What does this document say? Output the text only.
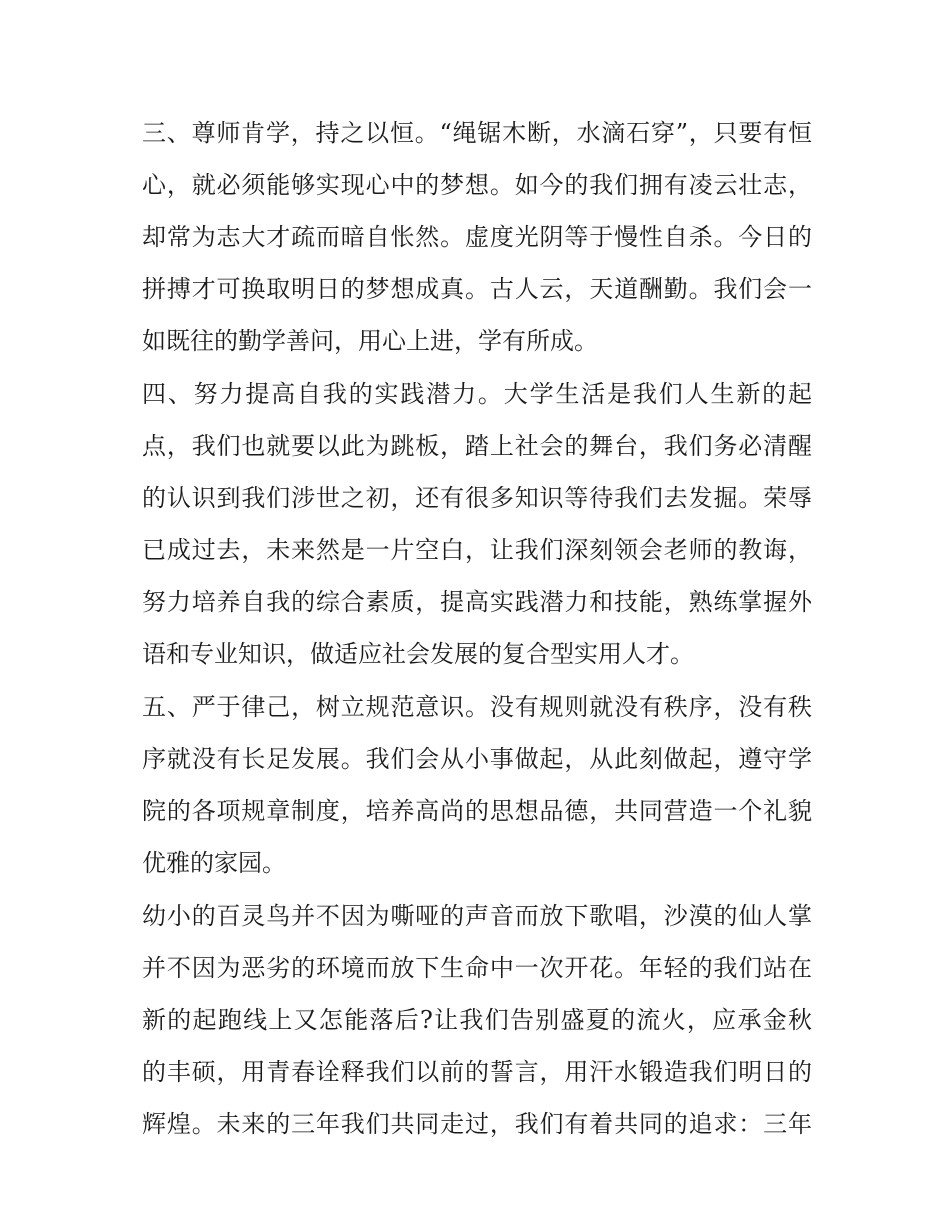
三、尊师肯学，持之以恒。“绳锯木断，水滴石穿”，只要有恒
心，就必须能够实现心中的梦想。如今的我们拥有凌云壮志，
却常为志大才疏而暗自怅然。虚度光阴等于慢性自杀。今日的
拼搏才可换取明日的梦想成真。古人云，天道酬勤。我们会一
如既往的勤学善问，用心上进，学有所成。
四、努力提高自我的实践潜力。大学生活是我们人生新的起
点，我们也就要以此为跳板，踏上社会的舞台，我们务必清醒
的认识到我们涉世之初，还有很多知识等待我们去发掘。荣辱
已成过去，未来然是一片空白，让我们深刻领会老师的教诲，
努力培养自我的综合素质，提高实践潜力和技能，熟练掌握外
语和专业知识，做适应社会发展的复合型实用人才。
五、严于律己，树立规范意识。没有规则就没有秩序，没有秩
序就没有长足发展。我们会从小事做起，从此刻做起，遵守学
院的各项规章制度，培养高尚的思想品德，共同营造一个礼貌
优雅的家园。
幼小的百灵鸟并不因为嘶哑的声音而放下歌唱，沙漠的仙人掌
并不因为恶劣的环境而放下生命中一次开花。年轻的我们站在
新的起跑线上又怎能落后?让我们告别盛夏的流火，应承金秋
的丰硕，用青春诠释我们以前的誓言，用汗水锻造我们明日的
辉煌。未来的三年我们共同走过，我们有着共同的追求：三年
